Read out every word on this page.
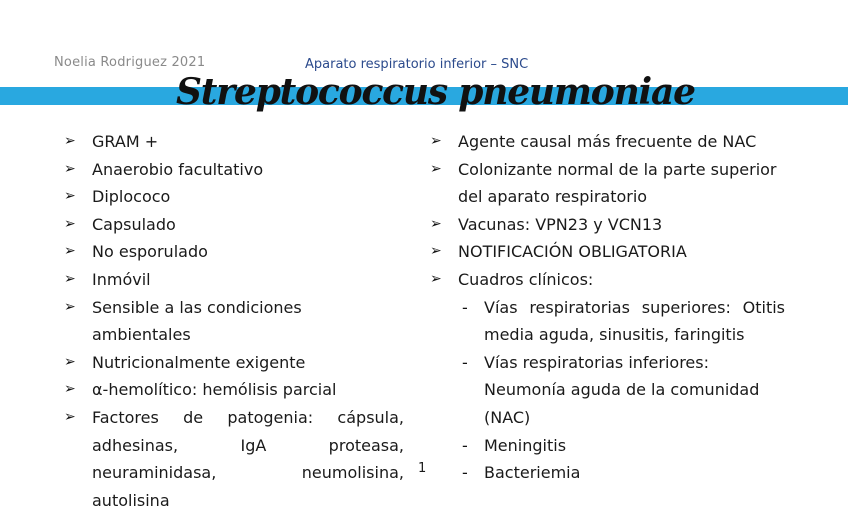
Noelia Rodriguez 2021	Aparato respiratorio inferior – SNC
Streptococcus pneumoniae
➢ GRAM +
➢ Anaerobio facultativo
➢ Diplococo
➢ Capsulado
➢ No esporulado
➢ Inmóvil
➢ Sensible a las condiciones ambientales
➢ Nutricionalmente exigente
➢ α-hemolítico: hemólisis parcial
➢ Factores de patogenia: cápsula, adhesinas, IgA proteasa, neuraminidasa, neumolisina, autolisina
➢ Agente causal más frecuente de NAC
➢ Colonizante normal de la parte superior del aparato respiratorio
➢ Vacunas: VPN23 y VCN13
➢ NOTIFICACIÓN OBLIGATORIA
➢ Cuadros clínicos:
- Vías respiratorias superiores: Otitis media aguda, sinusitis, faringitis
- Vías respiratorias inferiores: Neumonía aguda de la comunidad (NAC)
- Meningitis
- Bacteriemia
1
